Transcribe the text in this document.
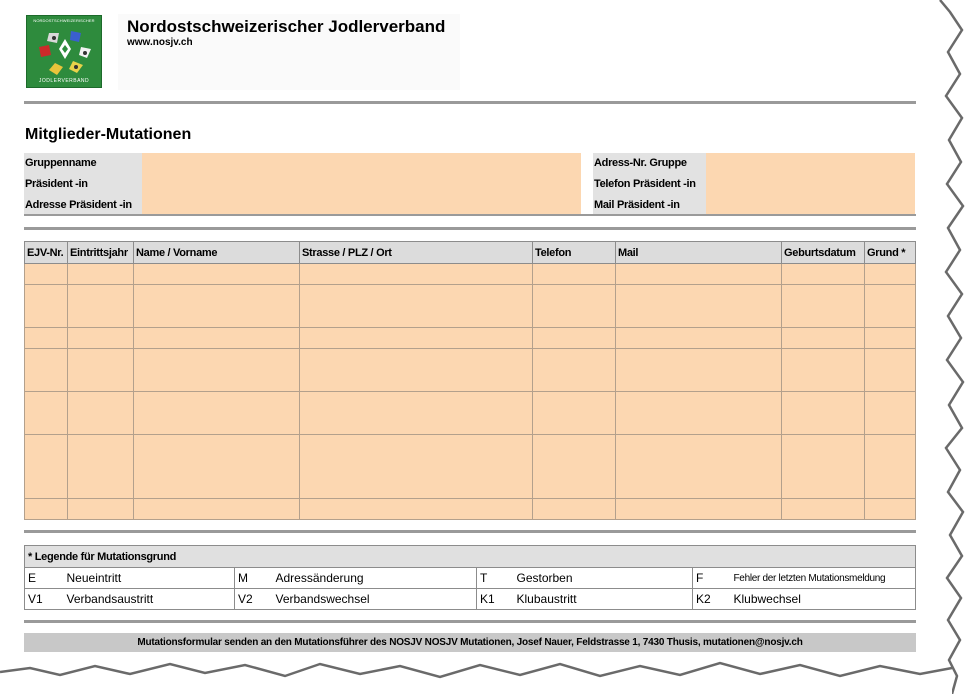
NORDOSTSCHWEIZERISCHER
JODLERVERBAND
Nordostschweizerischer Jodlerverband
www.nosjv.ch
Mitglieder-Mutationen
Gruppenname
Präsident -in
Adresse Präsident -in
Adress-Nr. Gruppe
Telefon Präsident -in
Mail Präsident -in
EJV-Nr.	Eintrittsjahr	Name / Vorname	Strasse / PLZ / Ort	Telefon	Mail	Geburtsdatum	Grund *

* Legende für Mutationsgrund							
E	Neueintritt	M	Adressänderung	T	Gestorben	F	Fehler der letzten Mutationsmeldung
V1	Verbandsaustritt	V2	Verbandswechsel	K1	Klubaustritt	K2	Klubwechsel
Mutationsformular senden an den Mutationsführer des NOSJV NOSJV Mutationen, Josef Nauer, Feldstrasse 1, 7430 Thusis, mutationen@nosjv.ch
